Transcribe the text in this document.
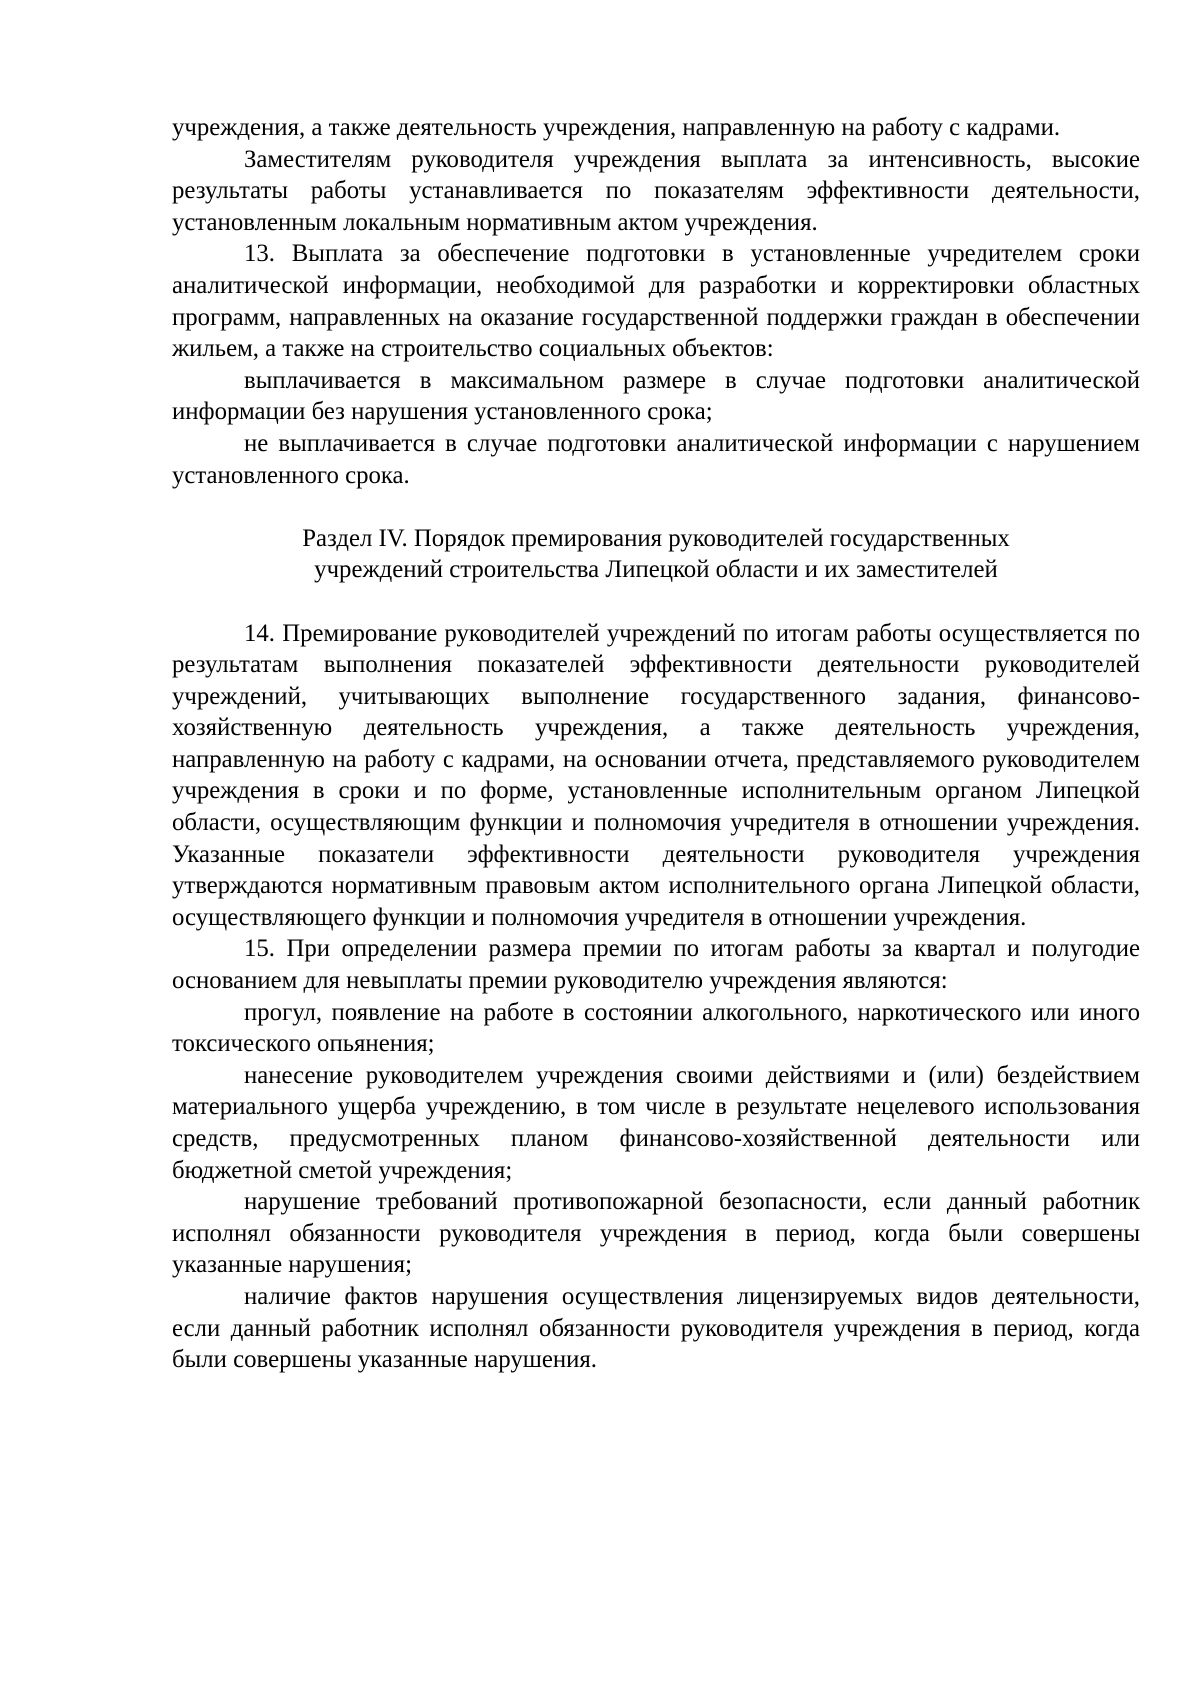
учреждения, а также деятельность учреждения, направленную на работу с кадрами.

Заместителям руководителя учреждения выплата за интенсивность, высокие результаты работы устанавливается по показателям эффективности деятельности, установленным локальным нормативным актом учреждения.

13. Выплата за обеспечение подготовки в установленные учредителем сроки аналитической информации, необходимой для разработки и корректировки областных программ, направленных на оказание государственной поддержки граждан в обеспечении жильем, а также на строительство социальных объектов:

выплачивается в максимальном размере в случае подготовки аналитической информации без нарушения установленного срока;

не выплачивается в случае подготовки аналитической информации с нарушением установленного срока.

Раздел IV. Порядок премирования руководителей государственных
учреждений строительства Липецкой области и их заместителей

14. Премирование руководителей учреждений по итогам работы осуществляется по результатам выполнения показателей эффективности деятельности руководителей учреждений, учитывающих выполнение государственного задания, финансово-хозяйственную деятельность учреждения, а также деятельность учреждения, направленную на работу с кадрами, на основании отчета, представляемого руководителем учреждения в сроки и по форме, установленные исполнительным органом Липецкой области, осуществляющим функции и полномочия учредителя в отношении учреждения. Указанные показатели эффективности деятельности руководителя учреждения утверждаются нормативным правовым актом исполнительного органа Липецкой области, осуществляющего функции и полномочия учредителя в отношении учреждения.

15. При определении размера премии по итогам работы за квартал и полугодие основанием для невыплаты премии руководителю учреждения являются:

прогул, появление на работе в состоянии алкогольного, наркотического или иного токсического опьянения;

нанесение руководителем учреждения своими действиями и (или) бездействием материального ущерба учреждению, в том числе в результате нецелевого использования средств, предусмотренных планом финансово-хозяйственной деятельности или бюджетной сметой учреждения;

нарушение требований противопожарной безопасности, если данный работник исполнял обязанности руководителя учреждения в период, когда были совершены указанные нарушения;

наличие фактов нарушения осуществления лицензируемых видов деятельности, если данный работник исполнял обязанности руководителя учреждения в период, когда были совершены указанные нарушения.
